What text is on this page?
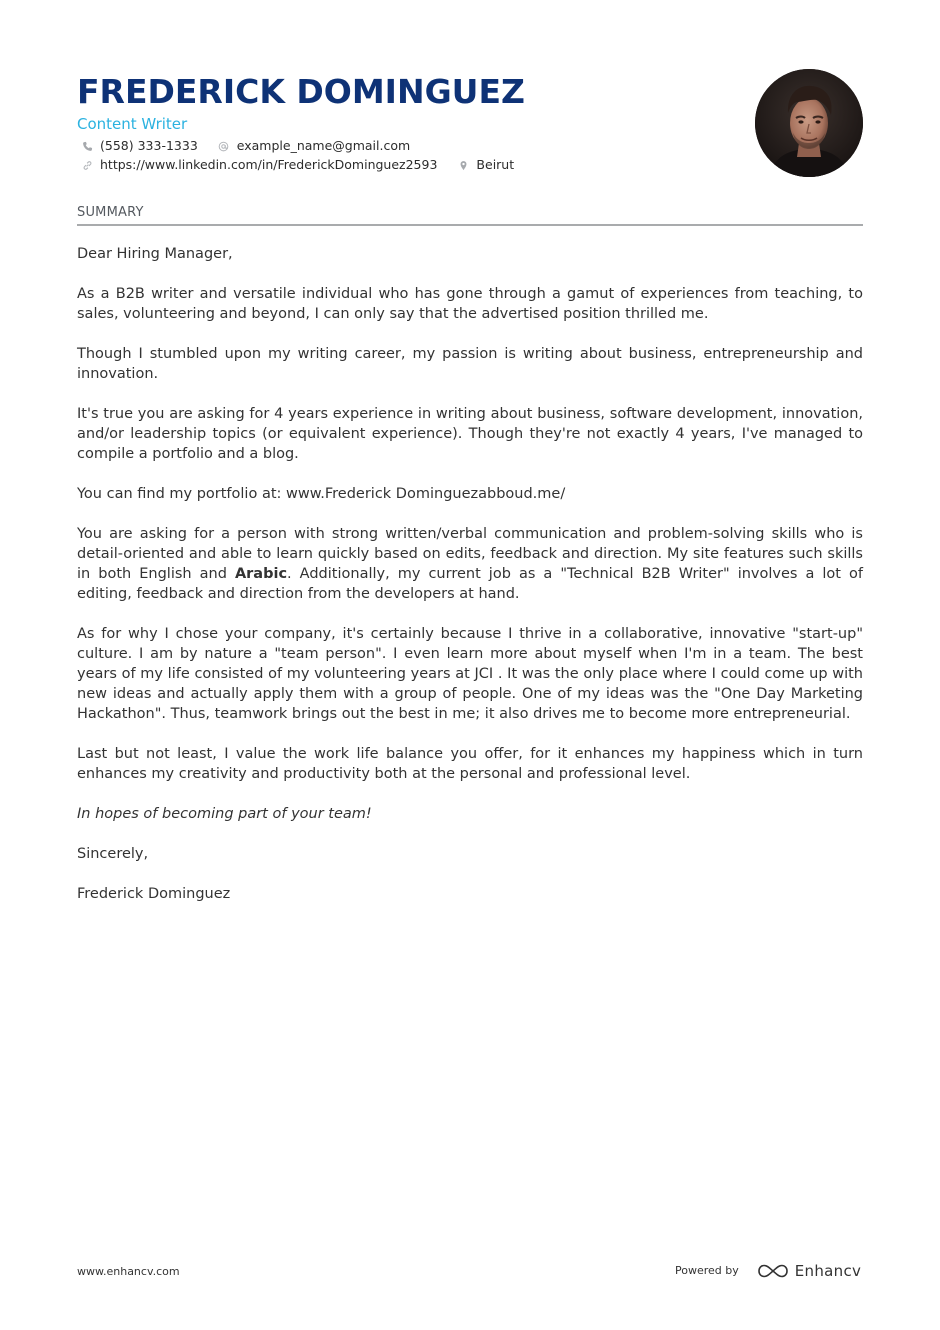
FREDERICK DOMINGUEZ
Content Writer
(558) 333-1333	example_name@gmail.com
https://www.linkedin.com/in/FrederickDominguez2593	Beirut
SUMMARY

Dear Hiring Manager,

As a B2B writer and versatile individual who has gone through a gamut of experiences from teaching, to sales, volunteering and beyond, I can only say that the advertised position thrilled me.

Though I stumbled upon my writing career, my passion is writing about business, entrepreneurship and innovation.

It's true you are asking for 4 years experience in writing about business, software development, innovation, and/or leadership topics (or equivalent experience). Though they're not exactly 4 years, I've managed to compile a portfolio and a blog.

You can find my portfolio at: www.Frederick Dominguezabboud.me/

You are asking for a person with strong written/verbal communication and problem-solving skills who is detail-oriented and able to learn quickly based on edits, feedback and direction. My site features such skills in both English and Arabic. Additionally, my current job as a "Technical B2B Writer" involves a lot of editing, feedback and direction from the developers at hand.

As for why I chose your company, it's certainly because I thrive in a collaborative, innovative "start-up" culture. I am by nature a "team person". I even learn more about myself when I'm in a team. The best years of my life consisted of my volunteering years at JCI . It was the only place where I could come up with new ideas and actually apply them with a group of people. One of my ideas was the "One Day Marketing Hackathon". Thus, teamwork brings out the best in me; it also drives me to become more entrepreneurial.

Last but not least, I value the work life balance you offer, for it enhances my happiness which in turn enhances my creativity and productivity both at the personal and professional level.

In hopes of becoming part of your team!

Sincerely,

Frederick Dominguez

www.enhancv.com	Powered by	Enhancv
